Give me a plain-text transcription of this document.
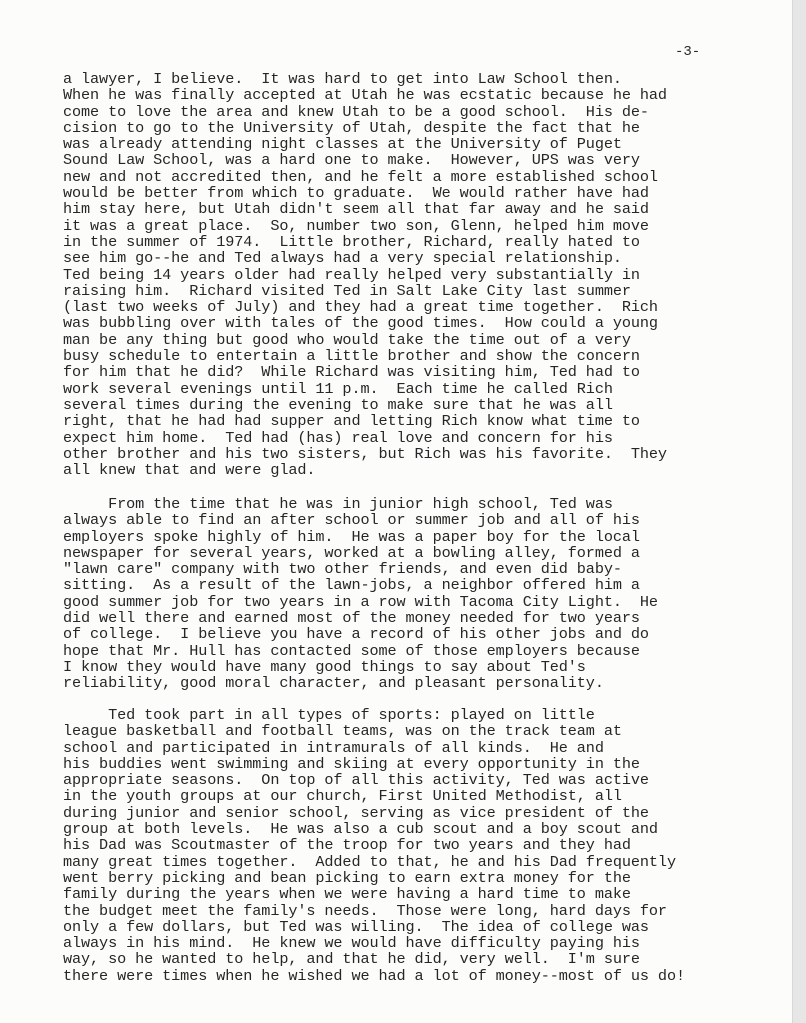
-3-

a lawyer, I believe.  It was hard to get into Law School then.
When he was finally accepted at Utah he was ecstatic because he had
come to love the area and knew Utah to be a good school.  His de-
cision to go to the University of Utah, despite the fact that he
was already attending night classes at the University of Puget
Sound Law School, was a hard one to make.  However, UPS was very
new and not accredited then, and he felt a more established school
would be better from which to graduate.  We would rather have had
him stay here, but Utah didn't seem all that far away and he said
it was a great place.  So, number two son, Glenn, helped him move
in the summer of 1974.  Little brother, Richard, really hated to
see him go--he and Ted always had a very special relationship.
Ted being 14 years older had really helped very substantially in
raising him.  Richard visited Ted in Salt Lake City last summer
(last two weeks of July) and they had a great time together.  Rich
was bubbling over with tales of the good times.  How could a young
man be any thing but good who would take the time out of a very
busy schedule to entertain a little brother and show the concern
for him that he did?  While Richard was visiting him, Ted had to
work several evenings until 11 p.m.  Each time he called Rich
several times during the evening to make sure that he was all
right, that he had had supper and letting Rich know what time to
expect him home.  Ted had (has) real love and concern for his
other brother and his two sisters, but Rich was his favorite.  They
all knew that and were glad.

From the time that he was in junior high school, Ted was
always able to find an after school or summer job and all of his
employers spoke highly of him.  He was a paper boy for the local
newspaper for several years, worked at a bowling alley, formed a
"lawn care" company with two other friends, and even did baby-
sitting.  As a result of the lawn-jobs, a neighbor offered him a
good summer job for two years in a row with Tacoma City Light.  He
did well there and earned most of the money needed for two years
of college.  I believe you have a record of his other jobs and do
hope that Mr. Hull has contacted some of those employers because
I know they would have many good things to say about Ted's
reliability, good moral character, and pleasant personality.

Ted took part in all types of sports: played on little
league basketball and football teams, was on the track team at
school and participated in intramurals of all kinds.  He and
his buddies went swimming and skiing at every opportunity in the
appropriate seasons.  On top of all this activity, Ted was active
in the youth groups at our church, First United Methodist, all
during junior and senior school, serving as vice president of the
group at both levels.  He was also a cub scout and a boy scout and
his Dad was Scoutmaster of the troop for two years and they had
many great times together.  Added to that, he and his Dad frequently
went berry picking and bean picking to earn extra money for the
family during the years when we were having a hard time to make
the budget meet the family's needs.  Those were long, hard days for
only a few dollars, but Ted was willing.  The idea of college was
always in his mind.  He knew we would have difficulty paying his
way, so he wanted to help, and that he did, very well.  I'm sure
there were times when he wished we had a lot of money--most of us do!
